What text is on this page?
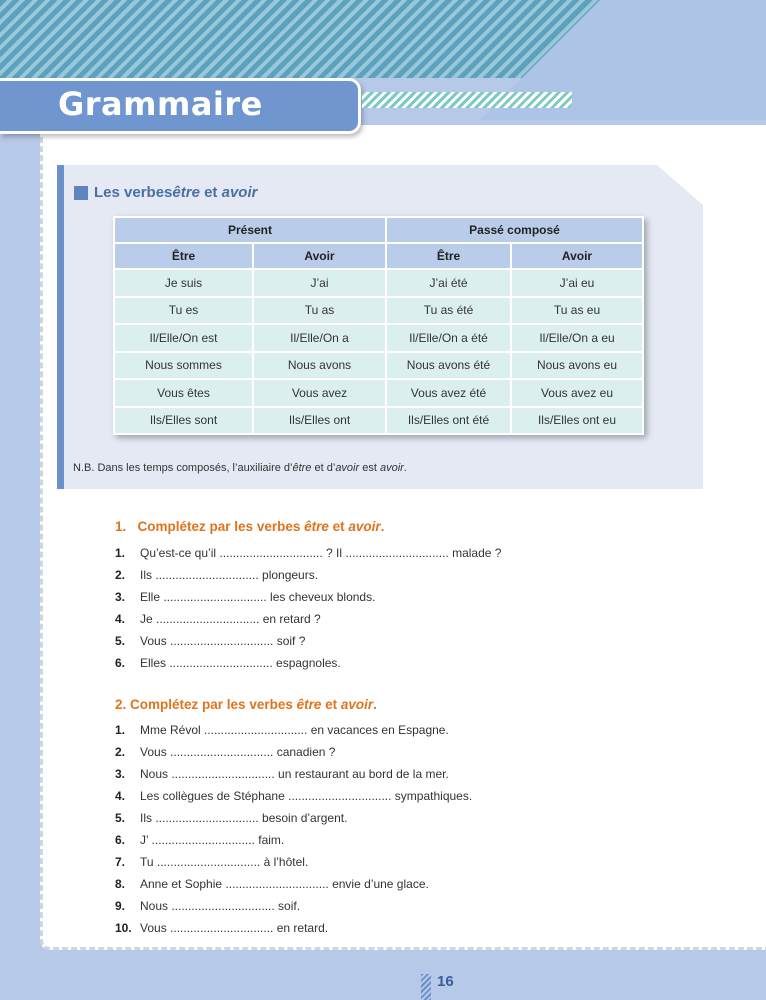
Grammaire
Les verbes être et avoir
Présent		Passé composé	
Être	Avoir	Être	Avoir
Je suis	J’ai	J’ai été	J’ai eu
Tu es	Tu as	Tu as été	Tu as eu
Il/Elle/On est	Il/Elle/On a	Il/Elle/On a été	Il/Elle/On a eu
Nous sommes	Nous avons	Nous avons été	Nous avons eu
Vous êtes	Vous avez	Vous avez été	Vous avez eu
Ils/Elles sont	Ils/Elles ont	Ils/Elles ont été	Ils/Elles ont eu
N.B. Dans les temps composés, l’auxiliaire d’être et d’avoir est avoir.
1. Complétez par les verbes être et avoir.
1.	Qu’est-ce qu’il ............................... ? Il ............................... malade ?
2.	Ils ............................... plongeurs.
3.	Elle ............................... les cheveux blonds.
4.	Je ............................... en retard ?
5.	Vous ............................... soif ?
6.	Elles ............................... espagnoles.
2. Complétez par les verbes être et avoir.
1.	Mme Révol ............................... en vacances en Espagne.
2.	Vous ............................... canadien ?
3.	Nous ............................... un restaurant au bord de la mer.
4.	Les collègues de Stéphane ............................... sympathiques.
5.	Ils ............................... besoin d’argent.
6.	J’ ............................... faim.
7.	Tu ............................... à l’hôtel.
8.	Anne et Sophie ............................... envie d’une glace.
9.	Nous ............................... soif.
10. Vous ............................... en retard.
16
